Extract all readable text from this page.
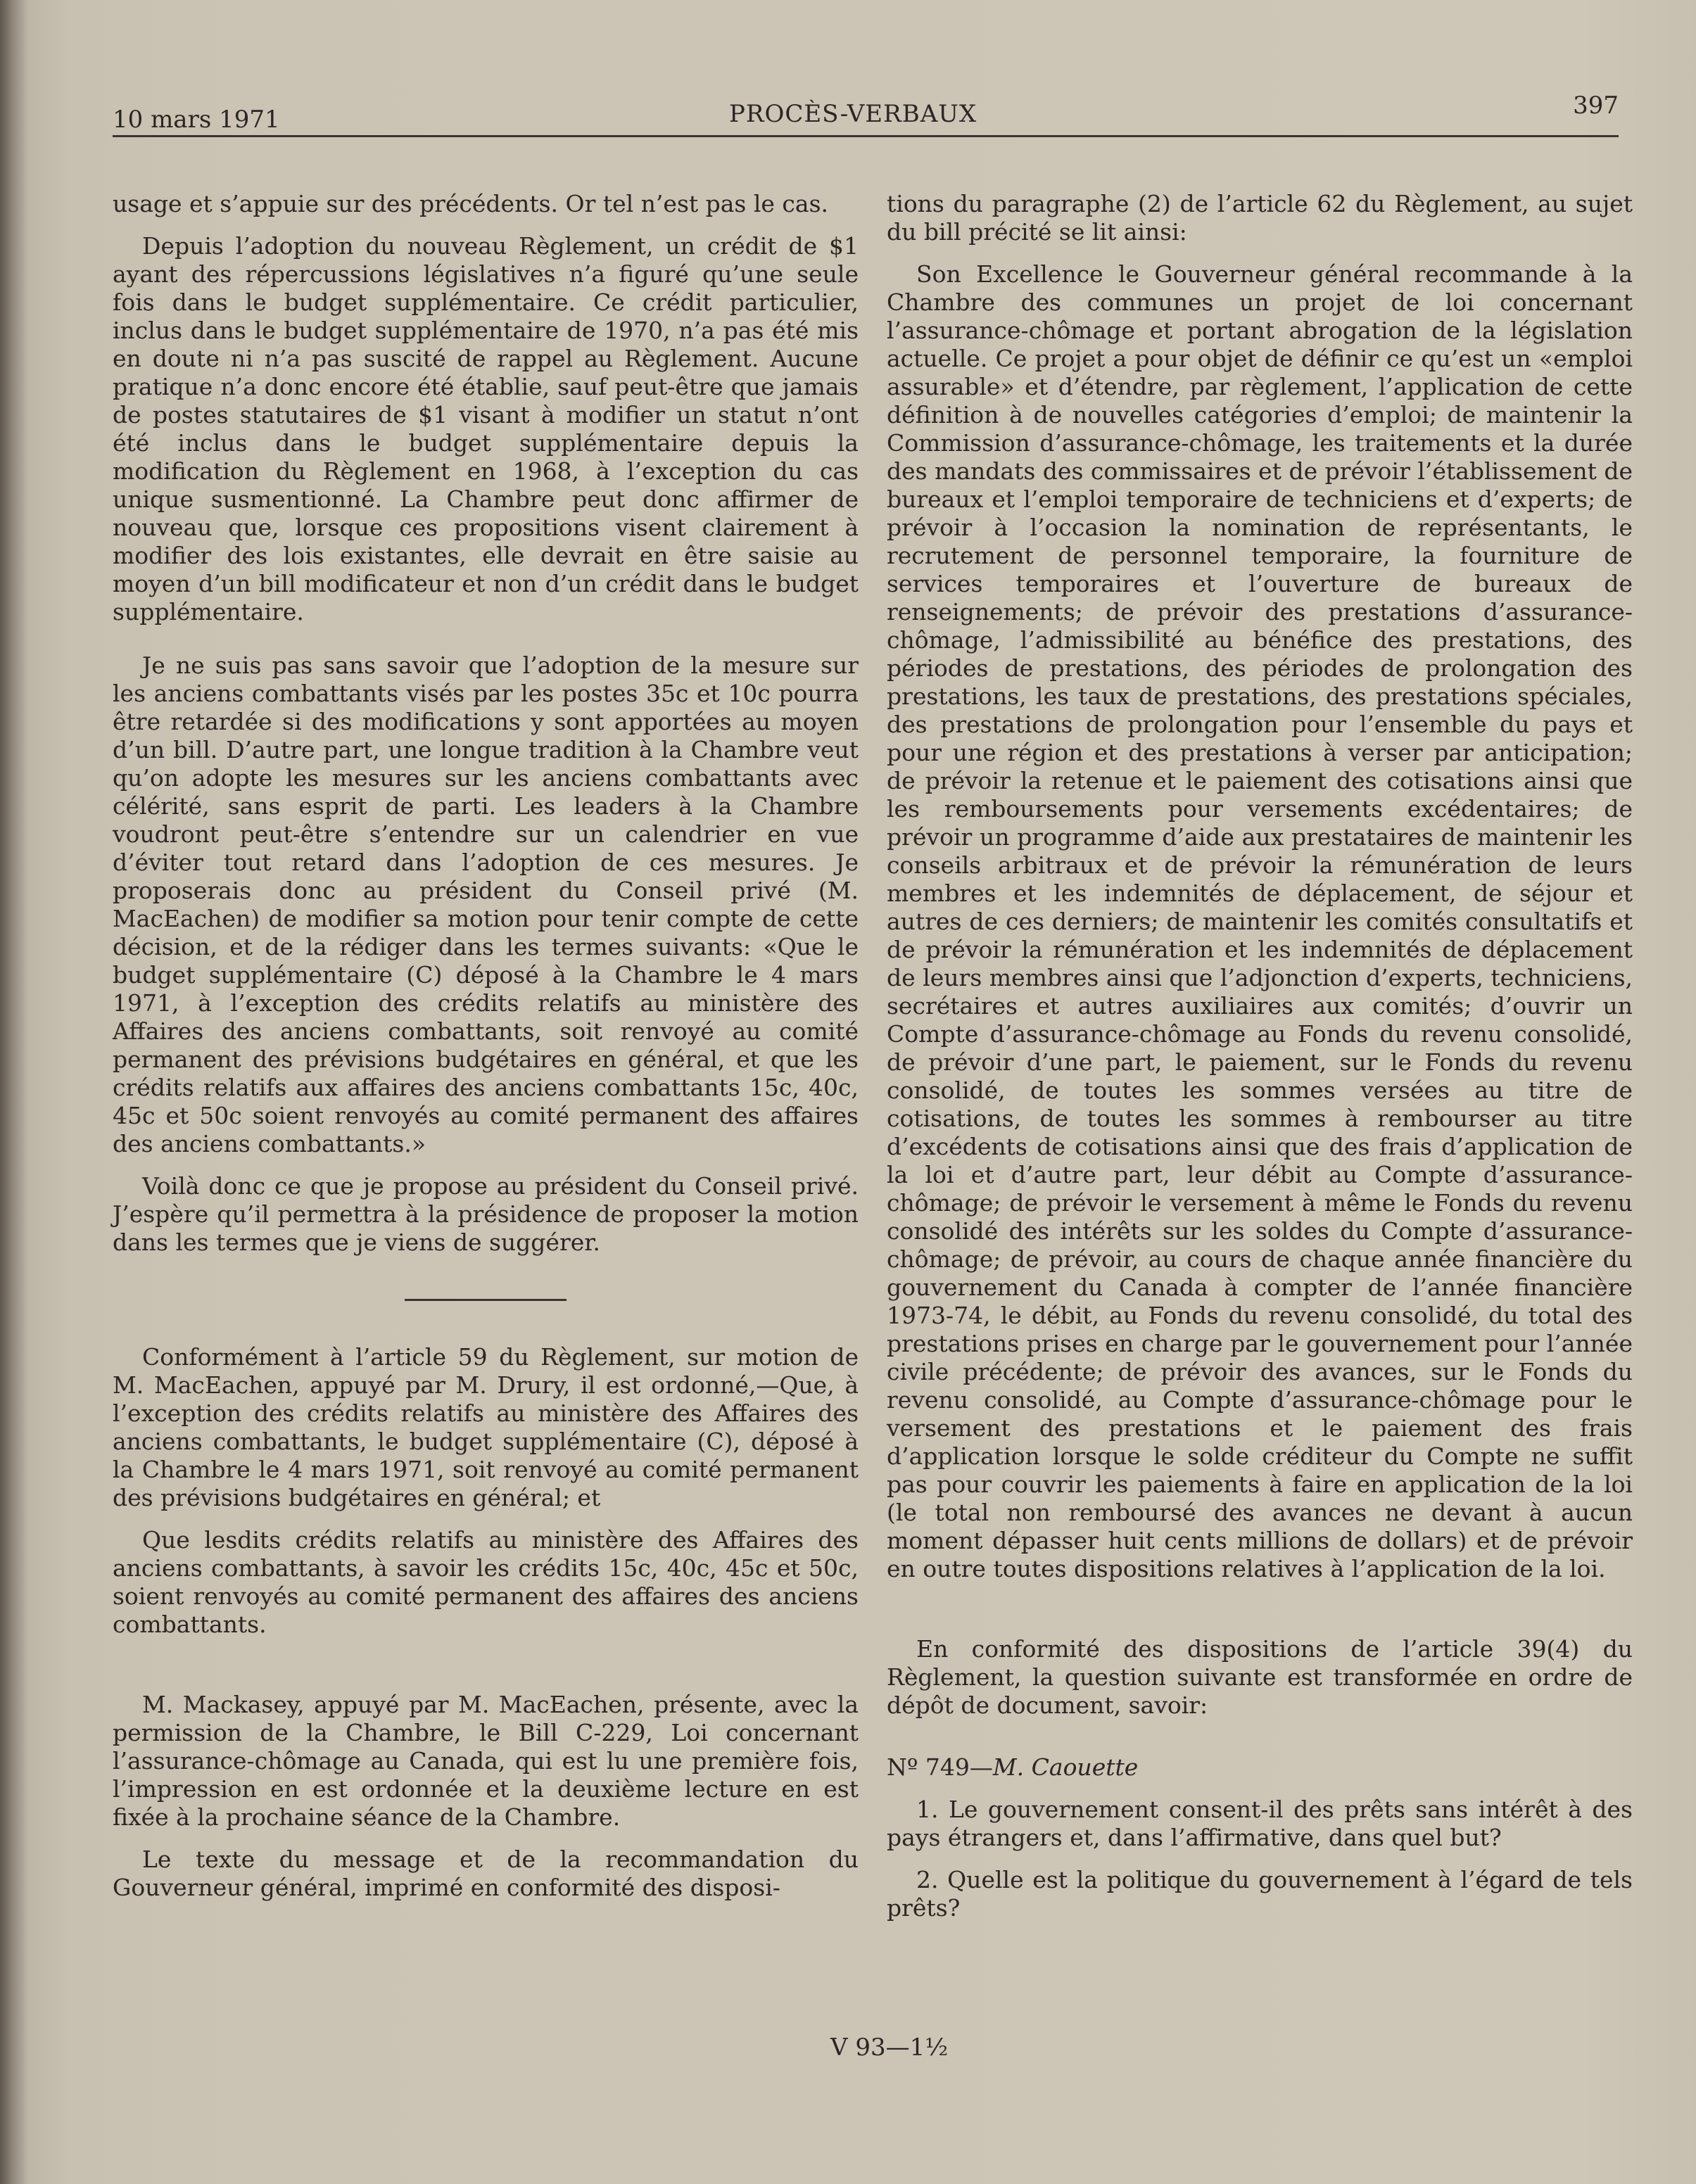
10 mars 1971	PROCÈS-VERBAUX	397

usage et s’appuie sur des précédents. Or tel n’est pas le cas.

Depuis l’adoption du nouveau Règlement, un crédit de $1 ayant des répercussions législatives n’a figuré qu’une seule fois dans le budget supplémentaire. Ce crédit particulier, inclus dans le budget supplémentaire de 1970, n’a pas été mis en doute ni n’a pas suscité de rappel au Règlement. Aucune pratique n’a donc encore été établie, sauf peut-être que jamais de postes statutaires de $1 visant à modifier un statut n’ont été inclus dans le budget supplémentaire depuis la modification du Règlement en 1968, à l’exception du cas unique susmentionné. La Chambre peut donc affirmer de nouveau que, lorsque ces propositions visent clairement à modifier des lois existantes, elle devrait en être saisie au moyen d’un bill modificateur et non d’un crédit dans le budget supplémentaire.

Je ne suis pas sans savoir que l’adoption de la mesure sur les anciens combattants visés par les postes 35c et 10c pourra être retardée si des modifications y sont apportées au moyen d’un bill. D’autre part, une longue tradition à la Chambre veut qu’on adopte les mesures sur les anciens combattants avec célérité, sans esprit de parti. Les leaders à la Chambre voudront peut-être s’entendre sur un calendrier en vue d’éviter tout retard dans l’adoption de ces mesures. Je proposerais donc au président du Conseil privé (M. MacEachen) de modifier sa motion pour tenir compte de cette décision, et de la rédiger dans les termes suivants: «Que le budget supplémentaire (C) déposé à la Chambre le 4 mars 1971, à l’exception des crédits relatifs au ministère des Affaires des anciens combattants, soit renvoyé au comité permanent des prévisions budgétaires en général, et que les crédits relatifs aux affaires des anciens combattants 15c, 40c, 45c et 50c soient renvoyés au comité permanent des affaires des anciens combattants.»

Voilà donc ce que je propose au président du Conseil privé. J’espère qu’il permettra à la présidence de proposer la motion dans les termes que je viens de suggérer.

Conformément à l’article 59 du Règlement, sur motion de M. MacEachen, appuyé par M. Drury, il est ordonné,—Que, à l’exception des crédits relatifs au ministère des Affaires des anciens combattants, le budget supplémentaire (C), déposé à la Chambre le 4 mars 1971, soit renvoyé au comité permanent des prévisions budgétaires en général; et

Que lesdits crédits relatifs au ministère des Affaires des anciens combattants, à savoir les crédits 15c, 40c, 45c et 50c, soient renvoyés au comité permanent des affaires des anciens combattants.

M. Mackasey, appuyé par M. MacEachen, présente, avec la permission de la Chambre, le Bill C-229, Loi concernant l’assurance-chômage au Canada, qui est lu une première fois, l’impression en est ordonnée et la deuxième lecture en est fixée à la prochaine séance de la Chambre.

Le texte du message et de la recommandation du Gouverneur général, imprimé en conformité des disposi-

tions du paragraphe (2) de l’article 62 du Règlement, au sujet du bill précité se lit ainsi:

Son Excellence le Gouverneur général recommande à la Chambre des communes un projet de loi concernant l’assurance-chômage et portant abrogation de la législation actuelle. Ce projet a pour objet de définir ce qu’est un «emploi assurable» et d’étendre, par règlement, l’application de cette définition à de nouvelles catégories d’emploi; de maintenir la Commission d’assurance-chômage, les traitements et la durée des mandats des commissaires et de prévoir l’établissement de bureaux et l’emploi temporaire de techniciens et d’experts; de prévoir à l’occasion la nomination de représentants, le recrutement de personnel temporaire, la fourniture de services temporaires et l’ouverture de bureaux de renseignements; de prévoir des prestations d’assurance-chômage, l’admissibilité au bénéfice des prestations, des périodes de prestations, des périodes de prolongation des prestations, les taux de prestations, des prestations spéciales, des prestations de prolongation pour l’ensemble du pays et pour une région et des prestations à verser par anticipation; de prévoir la retenue et le paiement des cotisations ainsi que les remboursements pour versements excédentaires; de prévoir un programme d’aide aux prestataires de maintenir les conseils arbitraux et de prévoir la rémunération de leurs membres et les indemnités de déplacement, de séjour et autres de ces derniers; de maintenir les comités consultatifs et de prévoir la rémunération et les indemnités de déplacement de leurs membres ainsi que l’adjonction d’experts, techniciens, secrétaires et autres auxiliaires aux comités; d’ouvrir un Compte d’assurance-chômage au Fonds du revenu consolidé, de prévoir d’une part, le paiement, sur le Fonds du revenu consolidé, de toutes les sommes versées au titre de cotisations, de toutes les sommes à rembourser au titre d’excédents de cotisations ainsi que des frais d’application de la loi et d’autre part, leur débit au Compte d’assurance-chômage; de prévoir le versement à même le Fonds du revenu consolidé des intérêts sur les soldes du Compte d’assurance-chômage; de prévoir, au cours de chaque année financière du gouvernement du Canada à compter de l’année financière 1973-74, le débit, au Fonds du revenu consolidé, du total des prestations prises en charge par le gouvernement pour l’année civile précédente; de prévoir des avances, sur le Fonds du revenu consolidé, au Compte d’assurance-chômage pour le versement des prestations et le paiement des frais d’application lorsque le solde créditeur du Compte ne suffit pas pour couvrir les paiements à faire en application de la loi (le total non remboursé des avances ne devant à aucun moment dépasser huit cents millions de dollars) et de prévoir en outre toutes dispositions relatives à l’application de la loi.

En conformité des dispositions de l’article 39(4) du Règlement, la question suivante est transformée en ordre de dépôt de document, savoir:

Nº 749—M. Caouette

1. Le gouvernement consent-il des prêts sans intérêt à des pays étrangers et, dans l’affirmative, dans quel but?

2. Quelle est la politique du gouvernement à l’égard de tels prêts?

V 93—1½
